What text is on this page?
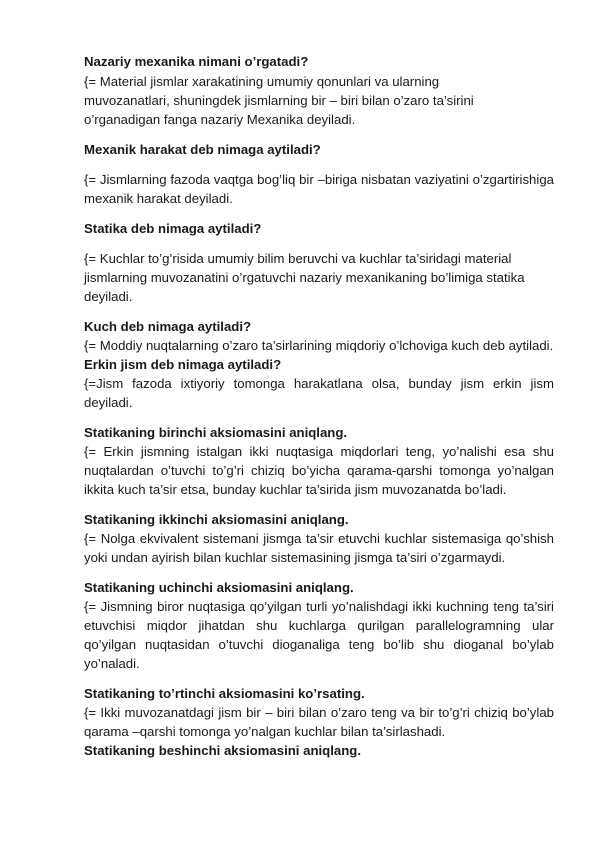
Nazariy mexanika nimani o’rgatadi?

{= Material jismlar xarakatining umumiy qonunlari va ularning muvozanatlari, shuningdek jismlarning bir – biri bilan o’zaro ta’sirini o’rganadigan fanga nazariy Mexanika deyiladi.

Mexanik harakat deb nimaga aytiladi?

{= Jismlarning fazoda vaqtga bog’liq bir –biriga nisbatan vaziyatini o’zgartirishiga mexanik harakat deyiladi.

Statika deb nimaga aytiladi?

{= Kuchlar to’g’risida umumiy bilim beruvchi va kuchlar ta’siridagi material jismlarning muvozanatini o’rgatuvchi nazariy mexanikaning bo’limiga statika deyiladi.

Kuch deb nimaga aytiladi?

{= Moddiy nuqtalarning o’zaro ta’sirlarining miqdoriy o’lchoviga kuch deb aytiladi.

Erkin jism deb nimaga aytiladi?

{=Jism fazoda ixtiyoriy tomonga harakatlana olsa, bunday jism erkin jism deyiladi.

Statikaning birinchi aksiomasini aniqlang.

{= Erkin jismning istalgan ikki nuqtasiga miqdorlari teng, yo’nalishi esa shu nuqtalardan o’tuvchi to’g’ri chiziq bo’yicha qarama-qarshi tomonga yo’nalgan ikkita kuch ta’sir etsa, bunday kuchlar ta’sirida jism muvozanatda bo’ladi.

Statikaning ikkinchi aksiomasini aniqlang.

{= Nolga ekvivalent sistemani jismga ta’sir etuvchi kuchlar sistemasiga qo’shish yoki undan ayirish bilan kuchlar sistemasining jismga ta’siri o’zgarmaydi.

Statikaning uchinchi aksiomasini aniqlang.

{= Jismning biror nuqtasiga qo’yilgan turli yo’nalishdagi ikki kuchning teng ta’siri etuvchisi miqdor jihatdan shu kuchlarga qurilgan parallelogramning ular qo’yilgan nuqtasidan o’tuvchi dioganaliga teng bo’lib shu dioganal bo’ylab yo’naladi.

Statikaning to’rtinchi aksiomasini ko’rsating.

{= Ikki muvozanatdagi jism bir – biri bilan o’zaro teng va bir to’g’ri chiziq bo’ylab qarama –qarshi tomonga yo’nalgan kuchlar bilan ta’sirlashadi.

Statikaning beshinchi aksiomasini aniqlang.
